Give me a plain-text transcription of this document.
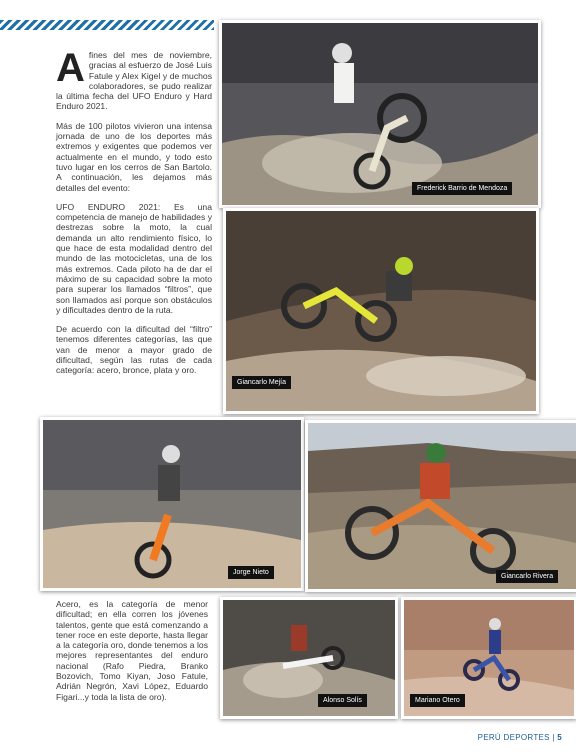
Afines del mes de noviembre, gracias al esfuerzo de José Luis Fatule y Alex Kigel y de muchos colaboradores, se pudo realizar la última fecha del UFO Enduro y Hard Enduro 2021.

Más de 100 pilotos vivieron una intensa jornada de uno de los deportes más extremos y exigentes que podemos ver actualmente en el mundo, y todo esto tuvo lugar en los cerros de San Bartolo. A continuación, les dejamos más detalles del evento:

UFO ENDURO 2021: Es una competencia de manejo de habilidades y destrezas sobre la moto, la cual demanda un alto rendimiento físico, lo que hace de esta modalidad dentro del mundo de las motocicletas, una de los más extremos. Cada piloto ha de dar el máximo de su capacidad sobre la moto para superar los llamados “filtros”, que son llamados así porque son obstáculos y dificultades dentro de la ruta.

De acuerdo con la dificultad del “filtro” tenemos diferentes categorías, las que van de menor a mayor grado de dificultad, según las rutas de cada categoría: acero, bronce, plata y oro.

Frederick Barrio de Mendoza
Giancarlo Mejía
Jorge Nieto
Giancarlo Rivera

Acero, es la categoría de menor dificultad; en ella corren los jóvenes talentos, gente que está comenzando a tener roce en este deporte, hasta llegar a la categoría oro, donde tenemos a los mejores representantes del enduro nacional (Rafo Piedra, Branko Bozovich, Tomo Kiyan, Joso Fatule, Adrián Negrón, Xavi López, Eduardo Figari...y toda la lista de oro).	Alonso Solís	Mariano Otero
PERÚ DEPORTES | 5
